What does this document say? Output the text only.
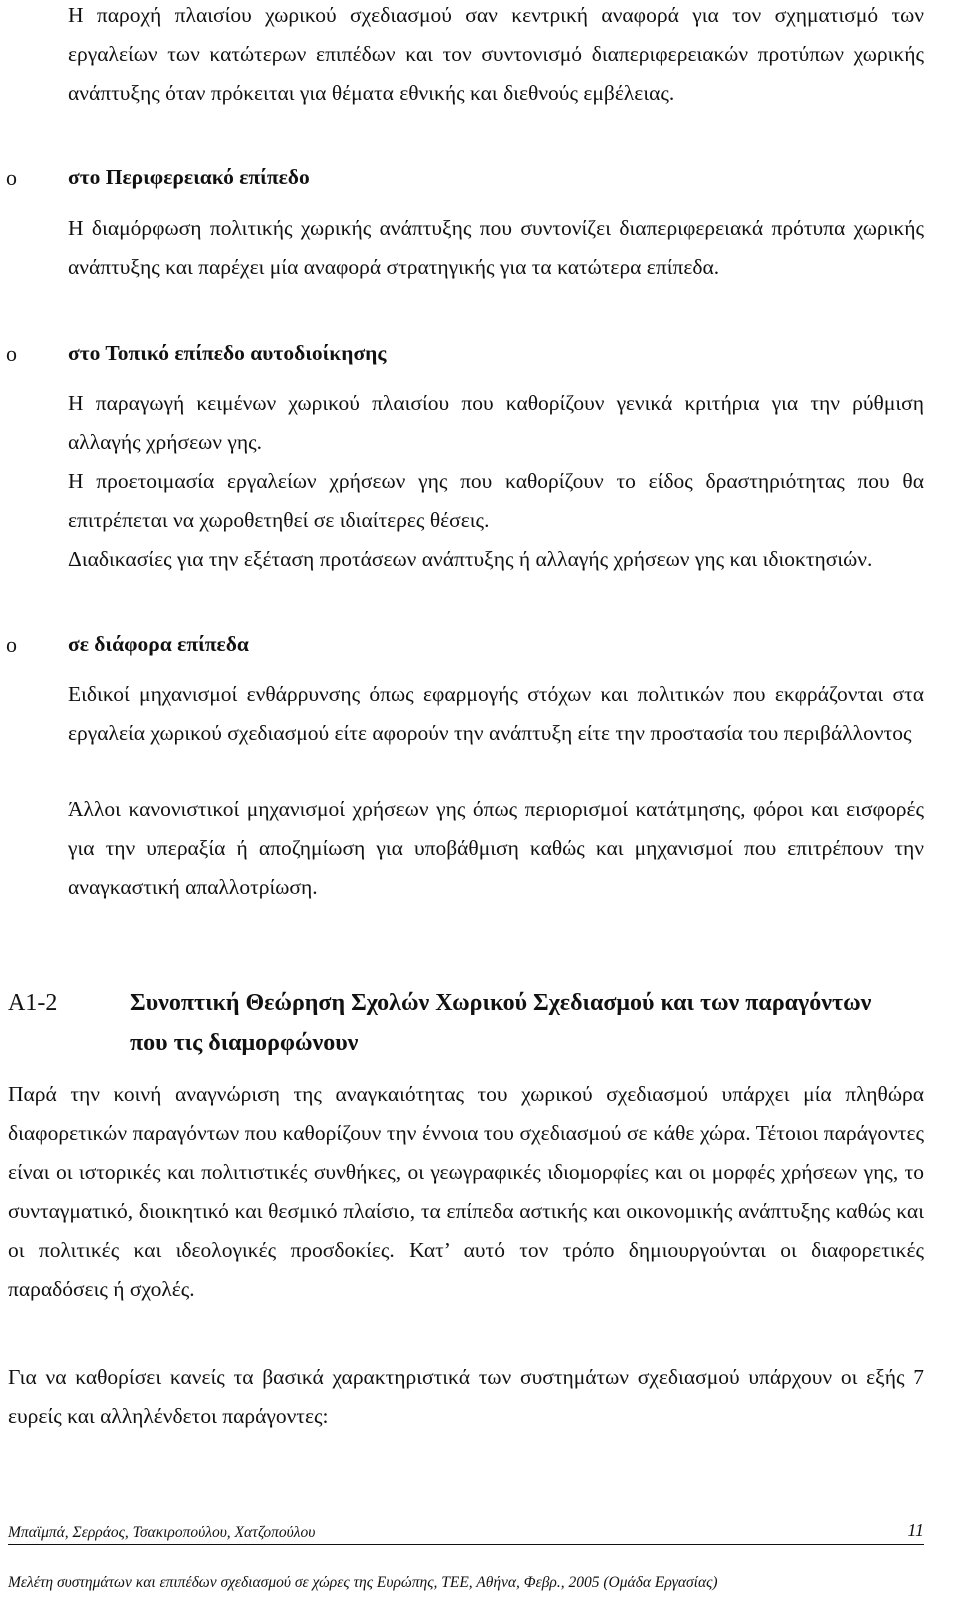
Η παροχή πλαισίου χωρικού σχεδιασμού σαν κεντρική αναφορά για τον σχηματισμό των εργαλείων των κατώτερων επιπέδων και τον συντονισμό διαπεριφερειακών προτύπων χωρικής ανάπτυξης όταν πρόκειται για θέματα εθνικής και διεθνούς εμβέλειας.
o στο Περιφερειακό επίπεδο
Η διαμόρφωση πολιτικής χωρικής ανάπτυξης που συντονίζει διαπεριφερειακά πρότυπα χωρικής ανάπτυξης και παρέχει μία αναφορά στρατηγικής για τα κατώτερα επίπεδα.
o στο Τοπικό επίπεδο αυτοδιοίκησης
Η παραγωγή κειμένων χωρικού πλαισίου που καθορίζουν γενικά κριτήρια για την ρύθμιση αλλαγής χρήσεων γης.
Η προετοιμασία εργαλείων χρήσεων γης που καθορίζουν το είδος δραστηριότητας που θα επιτρέπεται να χωροθετηθεί σε ιδιαίτερες θέσεις.
Διαδικασίες για την εξέταση προτάσεων ανάπτυξης ή αλλαγής χρήσεων γης και ιδιοκτησιών.
o σε διάφορα επίπεδα
Ειδικοί μηχανισμοί ενθάρρυνσης όπως εφαρμογής στόχων και πολιτικών που εκφράζονται στα εργαλεία χωρικού σχεδιασμού είτε αφορούν την ανάπτυξη είτε την προστασία του περιβάλλοντος
Άλλοι κανονιστικοί μηχανισμοί χρήσεων γης όπως περιορισμοί κατάτμησης, φόροι και εισφορές για την υπεραξία ή αποζημίωση για υποβάθμιση καθώς και μηχανισμοί που επιτρέπουν την αναγκαστική απαλλοτρίωση.
Α1-2	Συνοπτική Θεώρηση Σχολών Χωρικού Σχεδιασμού και των παραγόντων που τις διαμορφώνουν
Παρά την κοινή αναγνώριση της αναγκαιότητας του χωρικού σχεδιασμού υπάρχει μία πληθώρα διαφορετικών παραγόντων που καθορίζουν την έννοια του σχεδιασμού σε κάθε χώρα. Τέτοιοι παράγοντες είναι οι ιστορικές και πολιτιστικές συνθήκες, οι γεωγραφικές ιδιομορφίες και οι μορφές χρήσεων γης, το συνταγματικό, διοικητικό και θεσμικό πλαίσιο, τα επίπεδα αστικής και οικονομικής ανάπτυξης καθώς και οι πολιτικές και ιδεολογικές προσδοκίες. Κατ’ αυτό τον τρόπο δημιουργούνται οι διαφορετικές παραδόσεις ή σχολές.
Για να καθορίσει κανείς τα βασικά χαρακτηριστικά των συστημάτων σχεδιασμού υπάρχουν οι εξής 7 ευρείς και αλληλένδετοι παράγοντες:
Μπαϊμπά, Σερράος, Τσακιροπούλου, Χατζοπούλου	11
Μελέτη συστημάτων και επιπέδων σχεδιασμού σε χώρες της Ευρώπης, ΤΕΕ, Αθήνα, Φεβρ., 2005 (Ομάδα Εργασίας)
